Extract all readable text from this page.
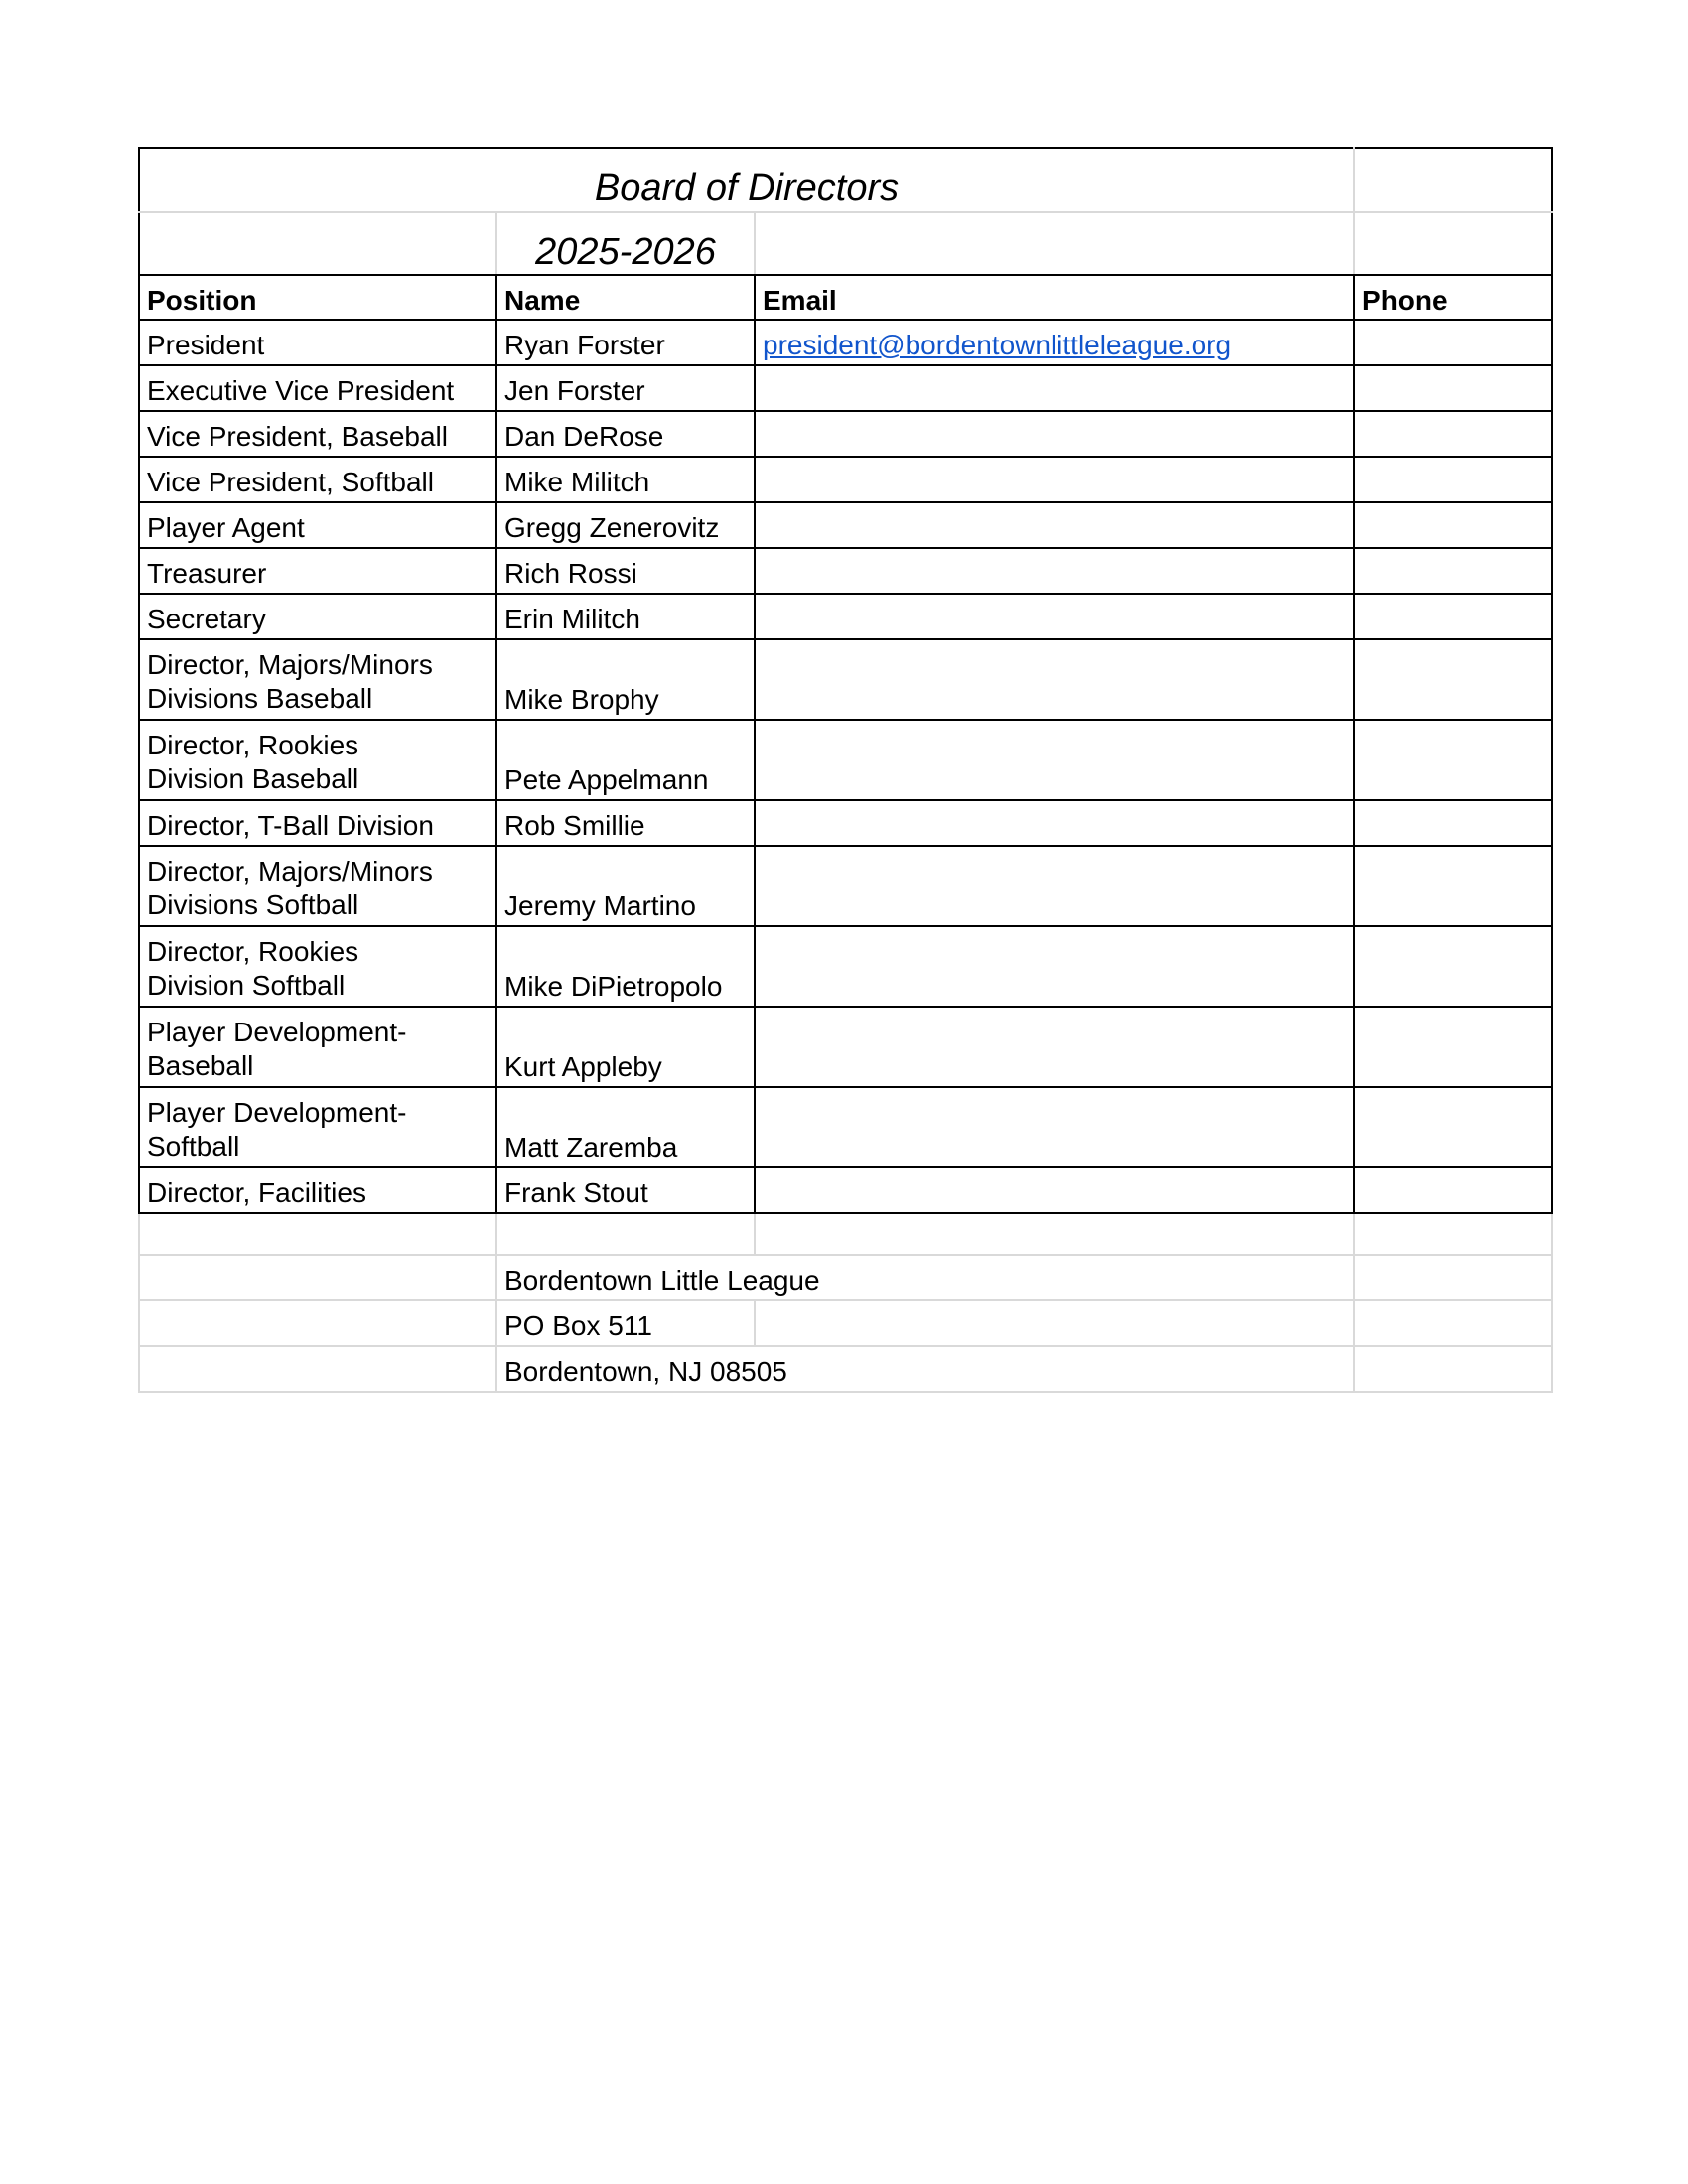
Board of Directors			
	2025-2026		
Position	Name	Email	Phone
President	Ryan Forster	president@bordentownlittleleague.org	
Executive Vice President	Jen Forster		
Vice President, Baseball	Dan DeRose		
Vice President, Softball	Mike Militch		
Player Agent	Gregg Zenerovitz		
Treasurer	Rich Rossi		
Secretary	Erin Militch		
Director, Majors/Minors
Divisions Baseball	Mike Brophy		
Director, Rookies
Division Baseball	Pete Appelmann		
Director, T-Ball Division	Rob Smillie		
Director, Majors/Minors
Divisions Softball	Jeremy Martino		
Director, Rookies
Division Softball	Mike DiPietropolo		
Player Development-
Baseball	Kurt Appleby		
Player Development-
Softball	Matt Zaremba		
Director, Facilities	Frank Stout		

	Bordentown Little League		
	PO Box 511		
	Bordentown, NJ 08505		
